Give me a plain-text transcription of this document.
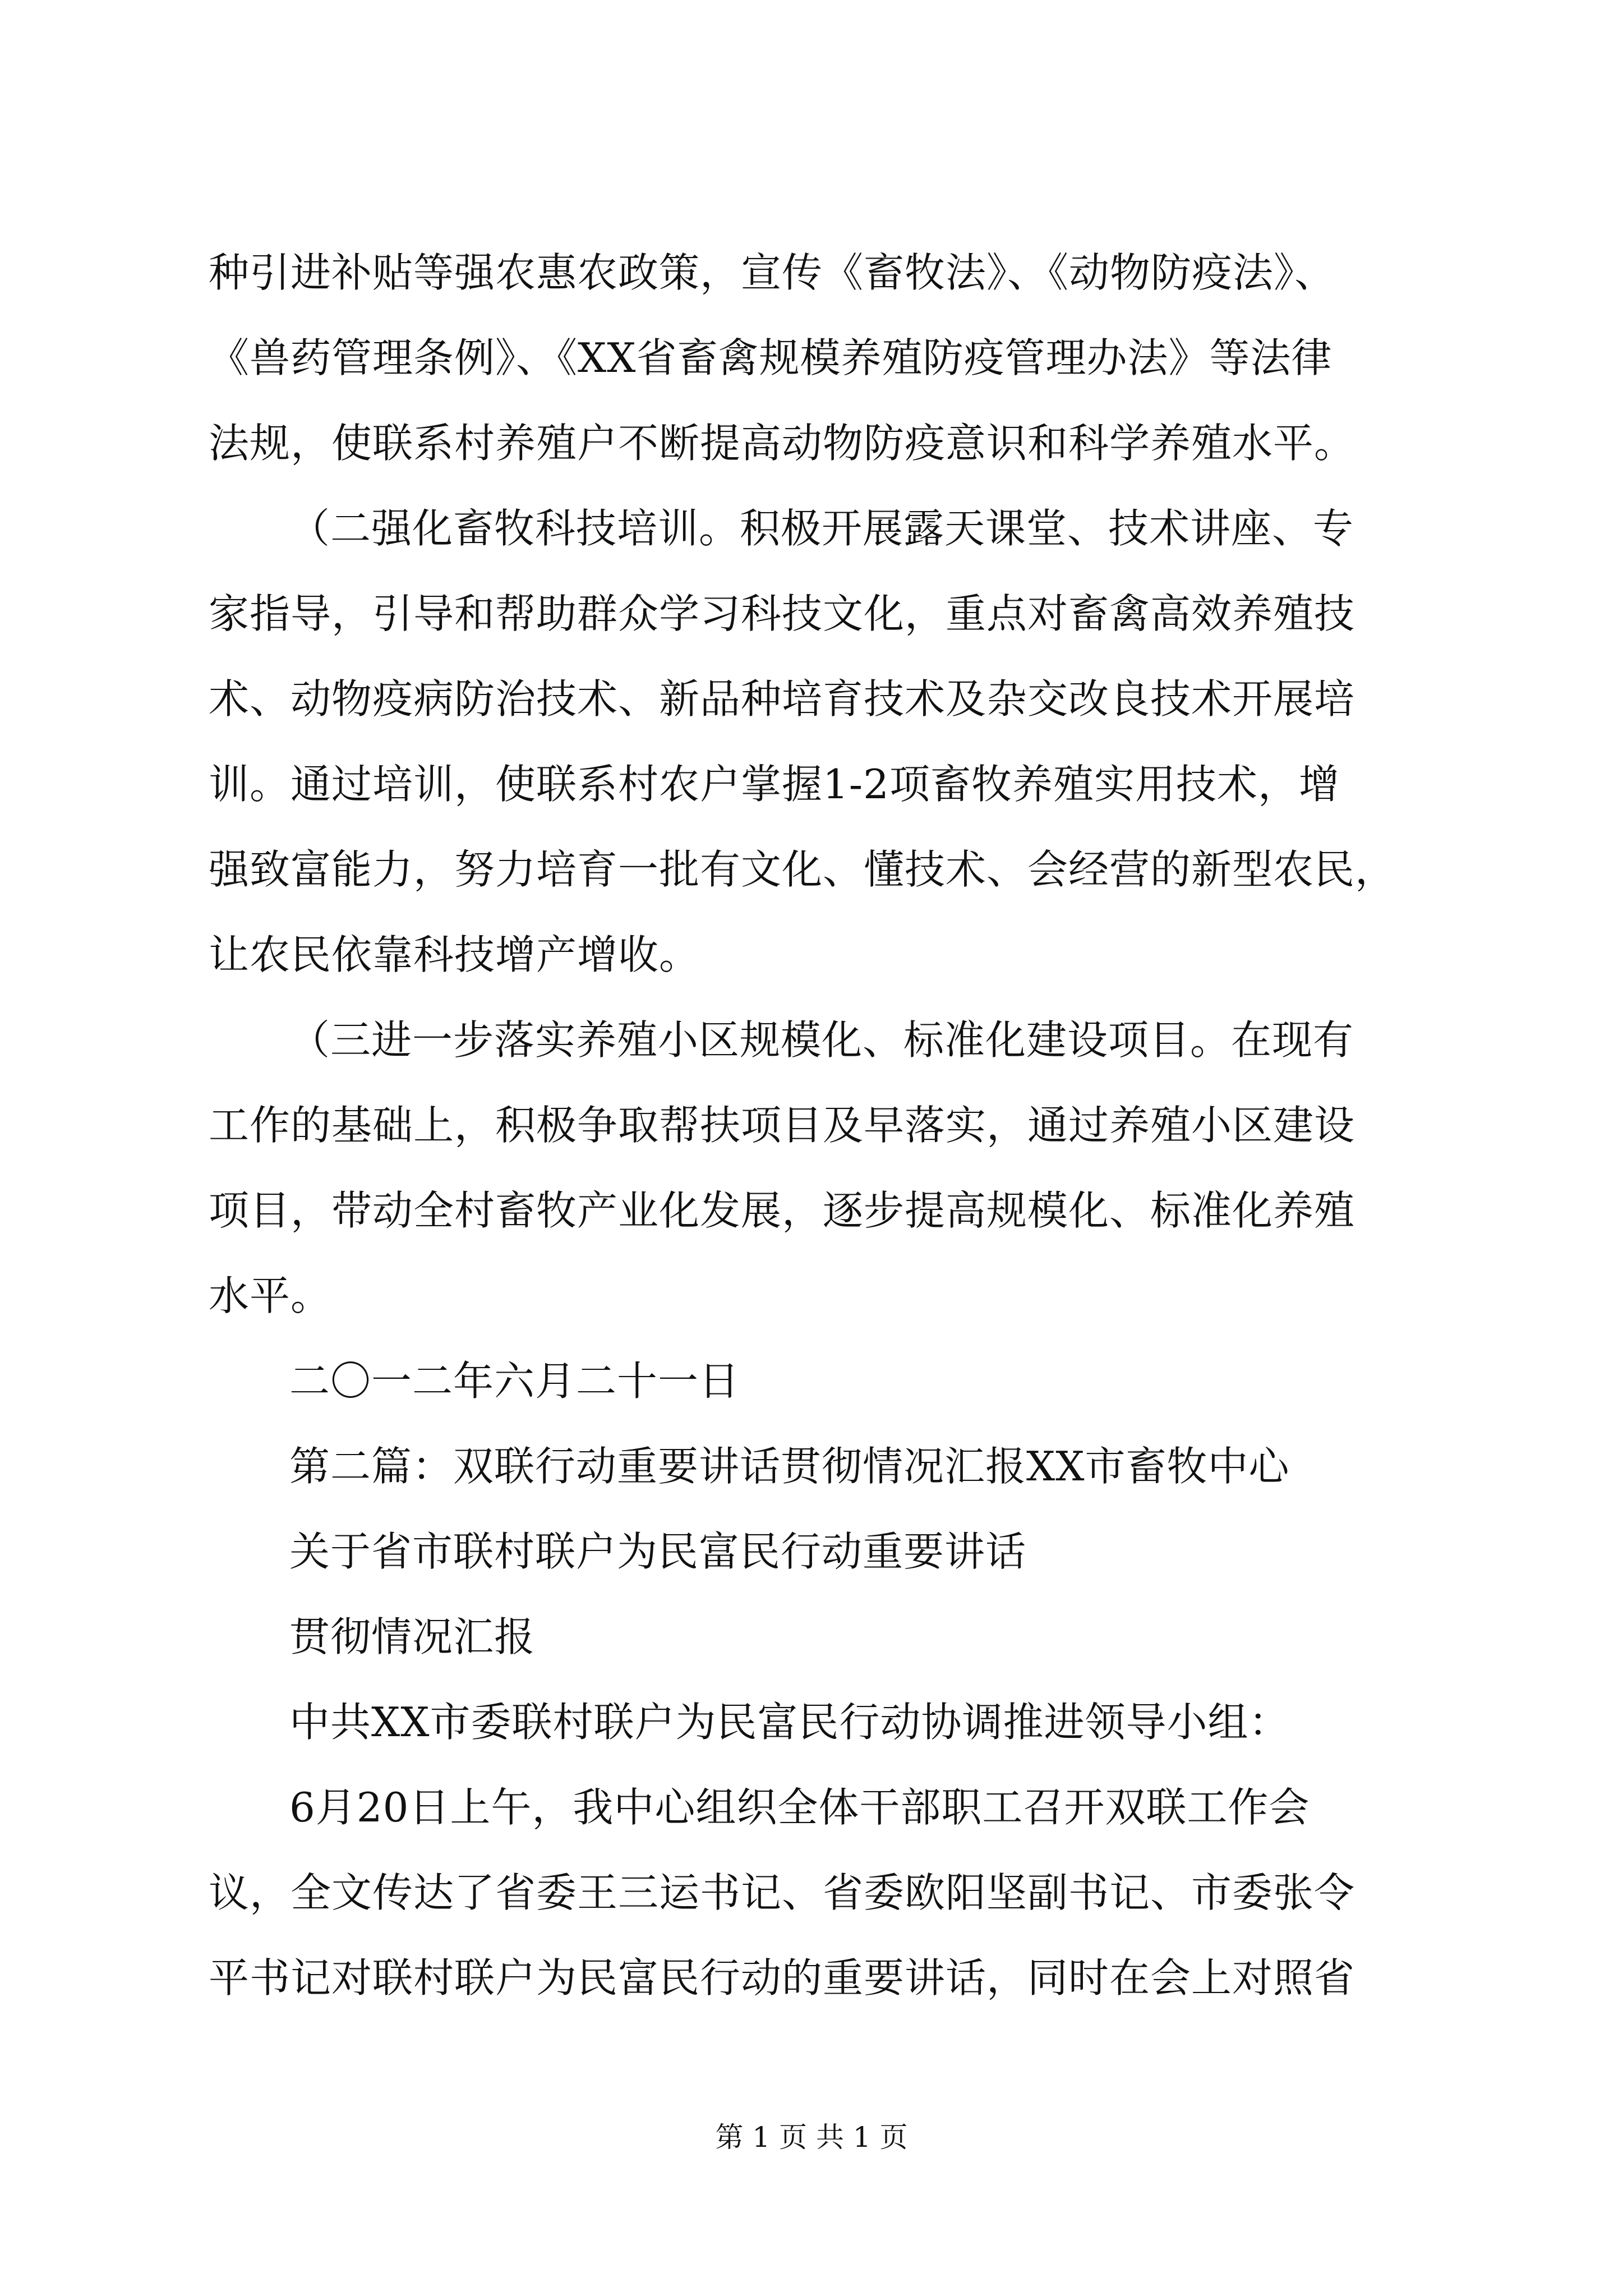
种引进补贴等强农惠农政策，宣传《畜牧法》、《动物防疫法》、

《兽药管理条例》、《XX省畜禽规模养殖防疫管理办法》等法律

法规，使联系村养殖户不断提高动物防疫意识和科学养殖水平。

（二强化畜牧科技培训。积极开展露天课堂、技术讲座、专

家指导，引导和帮助群众学习科技文化，重点对畜禽高效养殖技

术、动物疫病防治技术、新品种培育技术及杂交改良技术开展培

训。通过培训，使联系村农户掌握1-2项畜牧养殖实用技术，增

强致富能力，努力培育一批有文化、懂技术、会经营的新型农民，

让农民依靠科技增产增收。

（三进一步落实养殖小区规模化、标准化建设项目。在现有

工作的基础上，积极争取帮扶项目及早落实，通过养殖小区建设

项目，带动全村畜牧产业化发展，逐步提高规模化、标准化养殖

水平。

二〇一二年六月二十一日

第二篇：双联行动重要讲话贯彻情况汇报XX市畜牧中心

关于省市联村联户为民富民行动重要讲话

贯彻情况汇报

中共XX市委联村联户为民富民行动协调推进领导小组：

6月20日上午，我中心组织全体干部职工召开双联工作会

议，全文传达了省委王三运书记、省委欧阳坚副书记、市委张令

平书记对联村联户为民富民行动的重要讲话，同时在会上对照省

第 1 页 共 1 页
